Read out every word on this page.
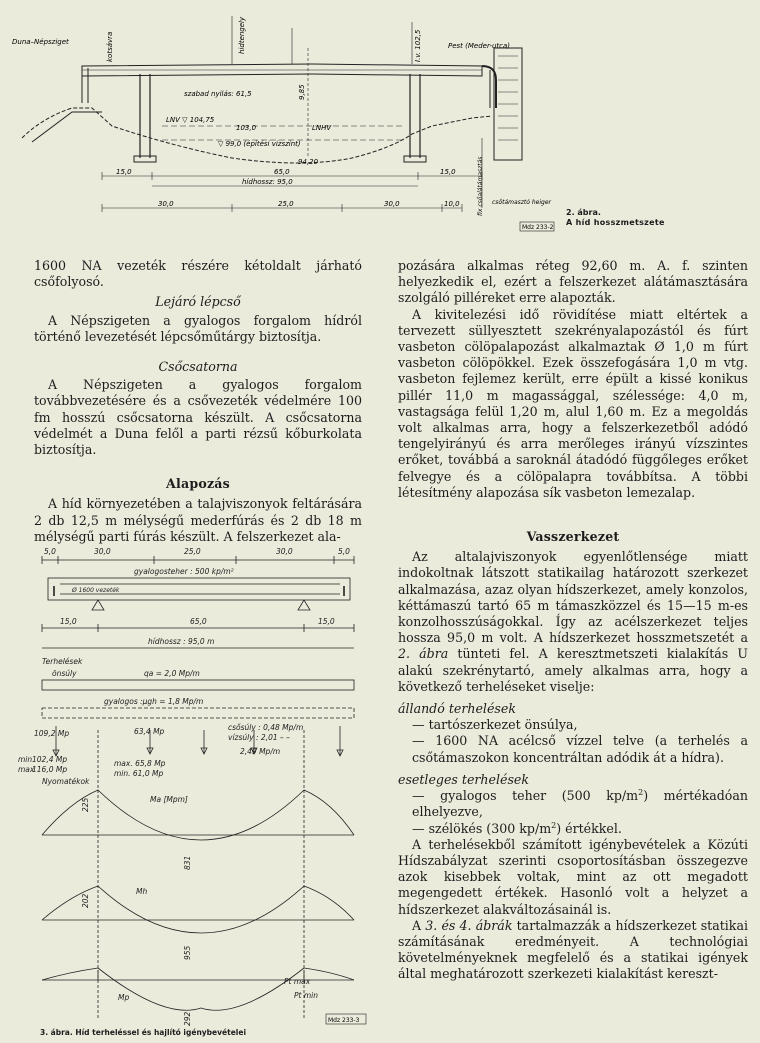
Duna–Népsziget	Pest (Meder-utca)
hidtengely
kotsávra	I.v. 102,5
9,85
szabad nyilás: 61,5
LNV ▽ 104,75
103,0	LNHV
▽ 99,0 (építési vízszint)
94,20
15,0	65,0	15,0
hídhossz: 95,0
30,0	25,0	30,0	10,0	fix csőalátámasztás csőtámasztó heiger
Mdz 233-2
2. ábra.
A híd hosszmetszete

1600 NA vezeték részére kétoldalt járható csőfolyosó.

Lejáró lépcső

A Népszigeten a gyalogos forgalom hídról történő levezetését lépcsőműtárgy biztosítja.

Csőcsatorna

A Népszigeten a gyalogos forgalom továbbvezetésére és a csővezeték védelmére 100 fm hosszú csőcsatorna készült. A csőcsatorna védelmét a Duna felől a parti rézsű kőburkolata biztosítja.

Alapozás

A híd környezetében a talajviszonyok feltárására 2 db 12,5 m mélységű mederfúrás és 2 db 18 m mélységű parti fúrás készült. A felszerkezet ala-

5,0	30,0	25,0	30,0	5,0
gyalogosteher : 500 kp/m²
Ø 1600 vezeték
15,0	65,0	15,0
hídhossz : 95,0 m
Terhelések
önsúly	qa = 2,0 Mp/m
gyalogos :μgh = 1,8 Mp/m
109,2 Mp	63,4 Mp	csősúly : 0,48 Mp/m
vízsúly : 2,01 – –
2,49 Mp/m
min
max
102,4 Mp
116,0 Mp
max. 65,8 Mp
min. 61,0 Mp
Nyomatékok
Ma [Mpm]
225
831
Mh
202
955
Pt max
Pt min
Mp
292	Mdz 233-3
3. ábra. Híd terheléssel és hajlító igénybevételei

pozására alkalmas réteg 92,60 m. A. f. szinten helyezkedik el, ezért a felszerkezet alátámasztására szolgáló pilléreket erre alapozták.

A kivitelezési idő rövidítése miatt eltértek a tervezett süllyesztett szekrényalapozástól és fúrt vasbeton cölöpalapozást alkalmaztak Ø 1,0 m fúrt vasbeton cölöpökkel. Ezek összefogására 1,0 m vtg. vasbeton fejlemez került, erre épült a kissé konikus pillér 11,0 m magassággal, szélessége: 4,0 m, vastagsága felül 1,20 m, alul 1,60 m. Ez a megoldás volt alkalmas arra, hogy a felszerkezetből adódó tengelyirányú és arra merőleges irányú vízszintes erőket, továbbá a saroknál átadódó függőleges erőket felvegye és a cölöpalapra továbbítsa. A többi létesítmény alapozása sík vasbeton lemezalap.

Vasszerkezet

Az altalajviszonyok egyenlőtlensége miatt indokoltnak látszott statikailag határozott szerkezet alkalmazása, azaz olyan hídszerkezet, amely konzolos, kéttámaszú tartó 65 m támaszközzel és 15—15 m-es konzolhosszúságokkal. Így az acélszerkezet teljes hossza 95,0 m volt. A hídszerkezet hosszmetszetét a 2. ábra tünteti fel. A keresztmetszeti kialakítás U alakú szekrénytartó, amely alkalmas arra, hogy a következő terheléseket viselje:

állandó terhelések

— tartószerkezet önsúlya,

— 1600 NA acélcső vízzel telve (a terhelés a csőtámaszokon koncentráltan adódik át a hídra).

esetleges terhelések

— gyalogos teher (500 $kp/m^2$) mértékadóan elhelyezve,

— szélökés (300 $kp/m^2$) értékkel.

A terhelésekből számított igénybevételek a Közúti Hídszabályzat szerinti csoportosításban összegezve azok kisebbek voltak, mint az ott megadott megengedett értékek. Hasonló volt a helyzet a hídszerkezet alakváltozásainál is.

A 3. és 4. ábrák tartalmazzák a hídszerkezet statikai számításának eredményeit. A technológiai követelményeknek megfelelő és a statikai igények által meghatározott szerkezeti kialakítást kereszt-
